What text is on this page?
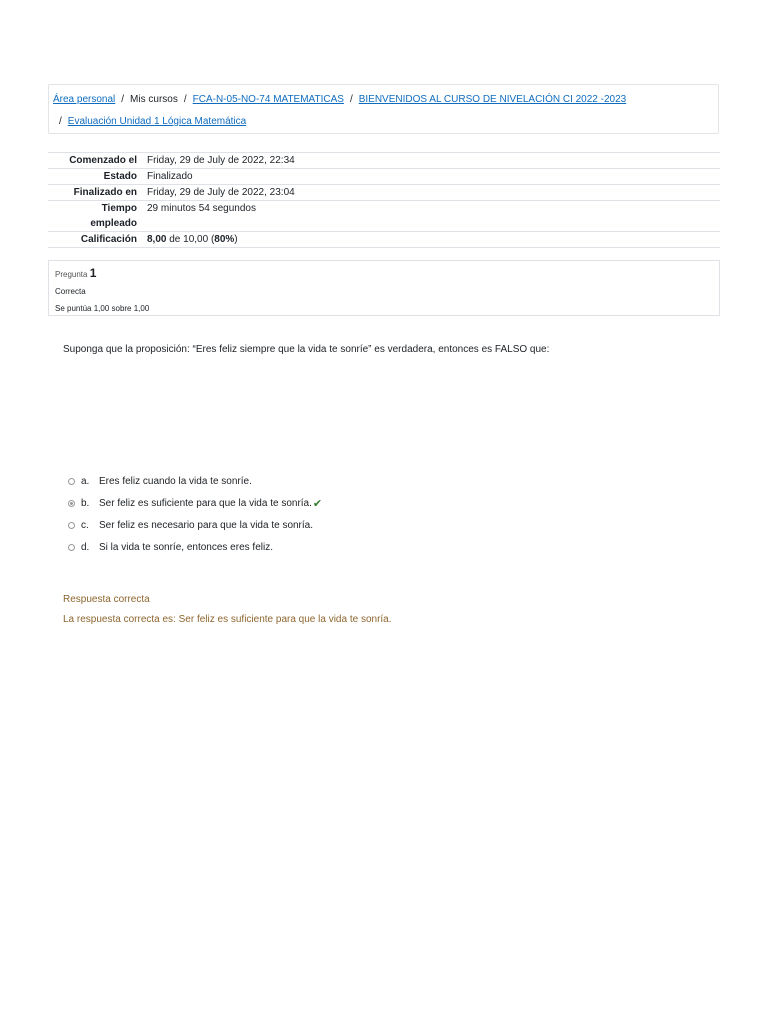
Área personal / Mis cursos / FCA-N-05-NO-74 MATEMATICAS / BIENVENIDOS AL CURSO DE NIVELACIÓN CI 2022 -2023
/ Evaluación Unidad 1 Lógica Matemática
Comenzado el	Friday, 29 de July de 2022, 22:34
Estado	Finalizado
Finalizado en	Friday, 29 de July de 2022, 23:04
Tiempo
empleado	29 minutos 54 segundos
Calificación	8,00 de 10,00 (80%)
Pregunta 1
Correcta
Se puntúa 1,00 sobre 1,00
Suponga que la proposición: “Eres feliz siempre que la vida te sonríe” es verdadera, entonces es FALSO que:
a. Eres feliz cuando la vida te sonríe.
b. Ser feliz es suficiente para que la vida te sonría. ✔
c.	Ser feliz es necesario para que la vida te sonría.
d. Si la vida te sonríe, entonces eres feliz.
Respuesta correcta
La respuesta correcta es: Ser feliz es suficiente para que la vida te sonría.
